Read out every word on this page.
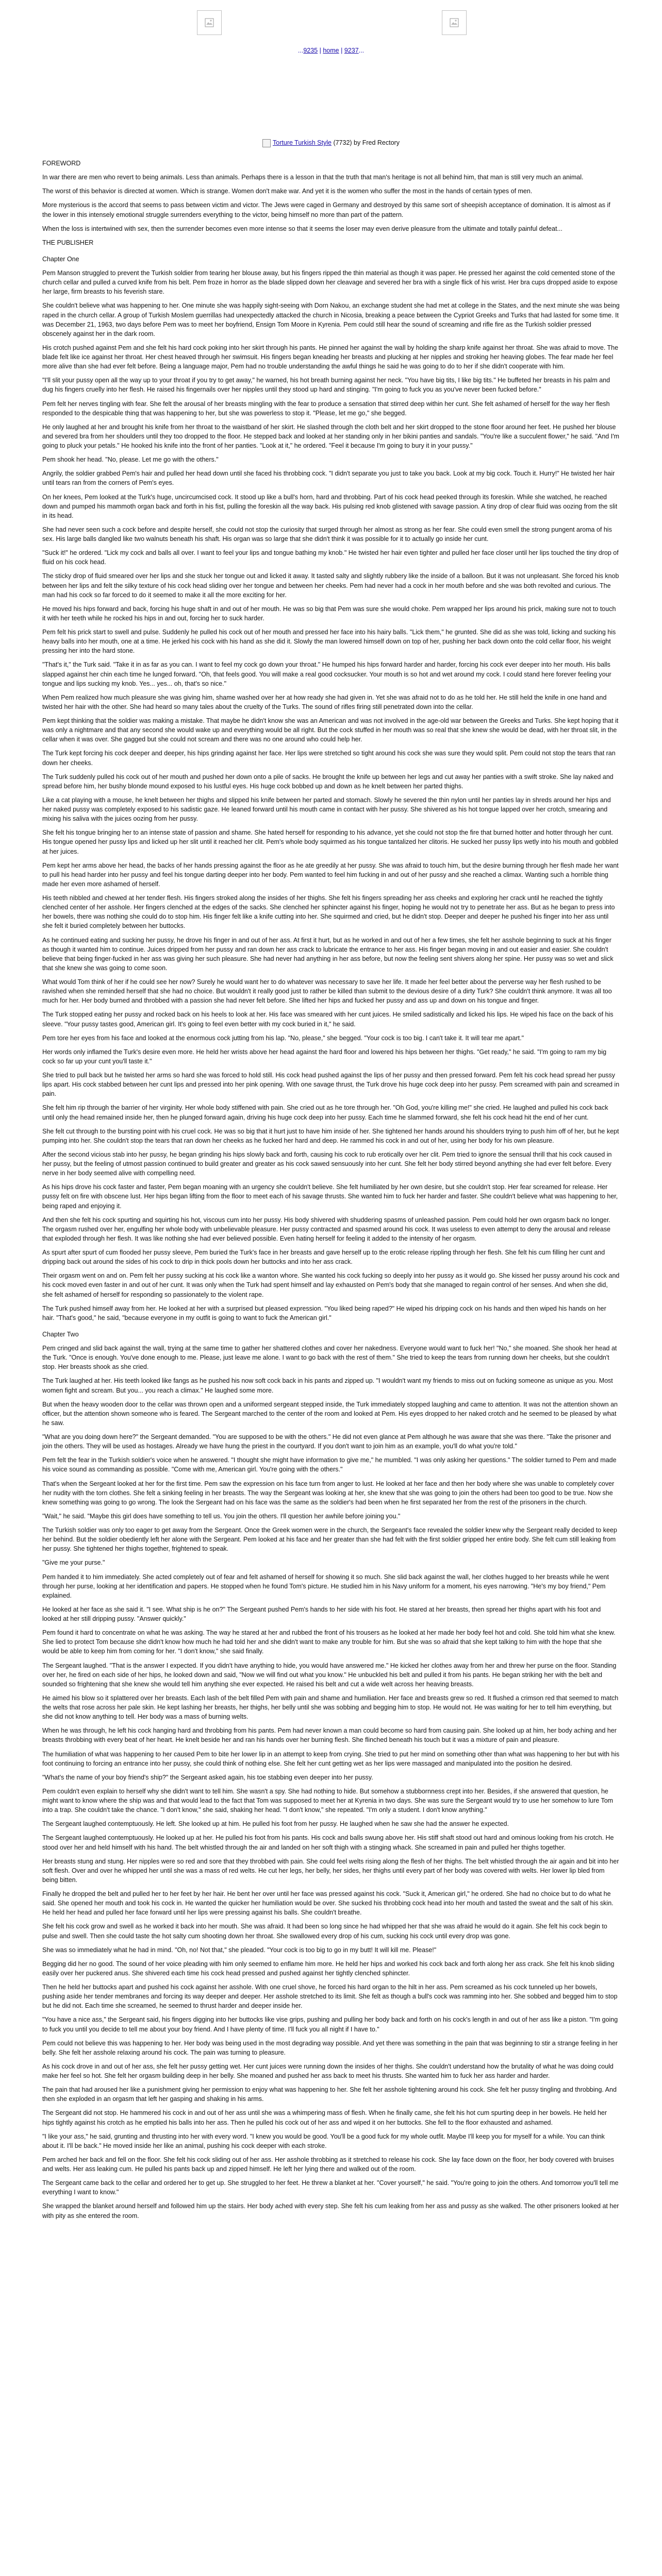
...9235 | home | 9237...
Torture Turkish Style (7732) by Fred Rectory
FOREWORD

In war there are men who revert to being animals. Less than animals. Perhaps there is a lesson in that the truth that man's heritage is not all behind him, that man is still very much an animal.

The worst of this behavior is directed at women. Which is strange. Women don't make war. And yet it is the women who suffer the most in the hands of certain types of men.

More mysterious is the accord that seems to pass between victim and victor. The Jews were caged in Germany and destroyed by this same sort of sheepish acceptance of domination. It is almost as if the lower in this intensely emotional struggle surrenders everything to the victor, being himself no more than part of the pattern.

When the loss is intertwined with sex, then the surrender becomes even more intense so that it seems the loser may even derive pleasure from the ultimate and totally painful defeat...

THE PUBLISHER
Chapter One

Pem Manson struggled to prevent the Turkish soldier from tearing her blouse away, but his fingers ripped the thin material as though it was paper. He pressed her against the cold cemented stone of the church cellar and pulled a curved knife from his belt. Pem froze in horror as the blade slipped down her cleavage and severed her bra with a single flick of his wrist. Her bra cups dropped aside to expose her large, firm breasts to his feverish stare.

She couldn't believe what was happening to her. One minute she was happily sight-seeing with Dorn Nakou, an exchange student she had met at college in the States, and the next minute she was being raped in the church cellar. A group of Turkish Moslem guerrillas had unexpectedly attacked the church in Nicosia, breaking a peace between the Cypriot Greeks and Turks that had lasted for some time. It was December 21, 1963, two days before Pem was to meet her boyfriend, Ensign Tom Moore in Kyrenia. Pem could still hear the sound of screaming and rifle fire as the Turkish soldier pressed obscenely against her in the dark room.

His crotch pushed against Pem and she felt his hard cock poking into her skirt through his pants. He pinned her against the wall by holding the sharp knife against her throat. She was afraid to move. The blade felt like ice against her throat. Her chest heaved through her swimsuit. His fingers began kneading her breasts and plucking at her nipples and stroking her heaving globes. The fear made her feel more alive than she had ever felt before. Being a language major, Pem had no trouble understanding the awful things he said he was going to do to her if she didn't cooperate with him.

"I'll slit your pussy open all the way up to your throat if you try to get away," he warned, his hot breath burning against her neck. "You have big tits, I like big tits." He buffeted her breasts in his palm and dug his fingers cruelly into her flesh. He raised his fingernails over her nipples until they stood up hard and stinging. "I'm going to fuck you as you've never been fucked before."

Pem felt her nerves tingling with fear. She felt the arousal of her breasts mingling with the fear to produce a sensation that stirred deep within her cunt. She felt ashamed of herself for the way her flesh responded to the despicable thing that was happening to her, but she was powerless to stop it. "Please, let me go," she begged.

He only laughed at her and brought his knife from her throat to the waistband of her skirt. He slashed through the cloth belt and her skirt dropped to the stone floor around her feet. He pushed her blouse and severed bra from her shoulders until they too dropped to the floor. He stepped back and looked at her standing only in her bikini panties and sandals. "You're like a succulent flower," he said. "And I'm going to pluck your petals." He hooked his knife into the front of her panties. "Look at it," he ordered. "Feel it because I'm going to bury it in your pussy."

Pem shook her head. "No, please. Let me go with the others."

Angrily, the soldier grabbed Pem's hair and pulled her head down until she faced his throbbing cock. "I didn't separate you just to take you back. Look at my big cock. Touch it. Hurry!" He twisted her hair until tears ran from the corners of Pem's eyes.

On her knees, Pem looked at the Turk's huge, uncircumcised cock. It stood up like a bull's horn, hard and throbbing. Part of his cock head peeked through its foreskin. While she watched, he reached down and pumped his mammoth organ back and forth in his fist, pulling the foreskin all the way back. His pulsing red knob glistened with savage passion. A tiny drop of clear fluid was oozing from the slit in its head.

She had never seen such a cock before and despite herself, she could not stop the curiosity that surged through her almost as strong as her fear. She could even smell the strong pungent aroma of his sex. His large balls dangled like two walnuts beneath his shaft. His organ was so large that she didn't think it was possible for it to actually go inside her cunt.

"Suck it!" he ordered. "Lick my cock and balls all over. I want to feel your lips and tongue bathing my knob." He twisted her hair even tighter and pulled her face closer until her lips touched the tiny drop of fluid on his cock head.

The sticky drop of fluid smeared over her lips and she stuck her tongue out and licked it away. It tasted salty and slightly rubbery like the inside of a balloon. But it was not unpleasant. She forced his knob between her lips and felt the silky texture of his cock head sliding over her tongue and between her cheeks. Pem had never had a cock in her mouth before and she was both revolted and curious. The man had his cock so far forced to do it seemed to make it all the more exciting for her.

He moved his hips forward and back, forcing his huge shaft in and out of her mouth. He was so big that Pem was sure she would choke. Pem wrapped her lips around his prick, making sure not to touch it with her teeth while he rocked his hips in and out, forcing her to suck harder.

Pem felt his prick start to swell and pulse. Suddenly he pulled his cock out of her mouth and pressed her face into his hairy balls. "Lick them," he grunted. She did as she was told, licking and sucking his heavy balls into her mouth, one at a time. He jerked his cock with his hand as she did it. Slowly the man lowered himself down on top of her, pushing her back down onto the cold cellar floor, his weight pressing her into the hard stone.

"That's it," the Turk said. "Take it in as far as you can. I want to feel my cock go down your throat." He humped his hips forward harder and harder, forcing his cock ever deeper into her mouth. His balls slapped against her chin each time he lunged forward. "Oh, that feels good. You will make a real good cocksucker. Your mouth is so hot and wet around my cock. I could stand here forever feeling your tongue and lips sucking my knob. Yes... yes... oh, that's so nice."

When Pem realized how much pleasure she was giving him, shame washed over her at how ready she had given in. Yet she was afraid not to do as he told her. He still held the knife in one hand and twisted her hair with the other. She had heard so many tales about the cruelty of the Turks. The sound of rifles firing still penetrated down into the cellar.

Pem kept thinking that the soldier was making a mistake. That maybe he didn't know she was an American and was not involved in the age-old war between the Greeks and Turks. She kept hoping that it was only a nightmare and that any second she would wake up and everything would be all right. But the cock stuffed in her mouth was so real that she knew she would be dead, with her throat slit, in the cellar when it was over. She gagged but she could not scream and there was no one around who could help her.

The Turk kept forcing his cock deeper and deeper, his hips grinding against her face. Her lips were stretched so tight around his cock she was sure they would split. Pem could not stop the tears that ran down her cheeks.

The Turk suddenly pulled his cock out of her mouth and pushed her down onto a pile of sacks. He brought the knife up between her legs and cut away her panties with a swift stroke. She lay naked and spread before him, her bushy blonde mound exposed to his lustful eyes. His huge cock bobbed up and down as he knelt between her parted thighs.

Like a cat playing with a mouse, he knelt between her thighs and slipped his knife between her parted and stomach. Slowly he severed the thin nylon until her panties lay in shreds around her hips and her naked pussy was completely exposed to his sadistic gaze. He leaned forward until his mouth came in contact with her pussy. She shivered as his hot tongue lapped over her crotch, smearing and mixing his saliva with the juices oozing from her pussy.

She felt his tongue bringing her to an intense state of passion and shame. She hated herself for responding to his advance, yet she could not stop the fire that burned hotter and hotter through her cunt. His tongue opened her pussy lips and licked up her slit until it reached her clit. Pem's whole body squirmed as his tongue tantalized her clitoris. He sucked her pussy lips wetly into his mouth and gobbled at her juices.

Pem kept her arms above her head, the backs of her hands pressing against the floor as he ate greedily at her pussy. She was afraid to touch him, but the desire burning through her flesh made her want to pull his head harder into her pussy and feel his tongue darting deeper into her body. Pem wanted to feel him fucking in and out of her pussy and she reached a climax. Wanting such a horrible thing made her even more ashamed of herself.

His teeth nibbled and chewed at her tender flesh. His fingers stroked along the insides of her thighs. She felt his fingers spreading her ass cheeks and exploring her crack until he reached the tightly clenched center of her asshole. Her fingers clenched at the edges of the sacks. She clenched her sphincter against his finger, hoping he would not try to penetrate her ass. But as he began to press into her bowels, there was nothing she could do to stop him. His finger felt like a knife cutting into her. She squirmed and cried, but he didn't stop. Deeper and deeper he pushed his finger into her ass until she felt it buried completely between her buttocks.

As he continued eating and sucking her pussy, he drove his finger in and out of her ass. At first it hurt, but as he worked in and out of her a few times, she felt her asshole beginning to suck at his finger as though it wanted him to continue. Juices dripped from her pussy and ran down her ass crack to lubricate the entrance to her ass. His finger began moving in and out easier and easier. She couldn't believe that being finger-fucked in her ass was giving her such pleasure. She had never had anything in her ass before, but now the feeling sent shivers along her spine. Her pussy was so wet and slick that she knew she was going to come soon.

What would Tom think of her if he could see her now? Surely he would want her to do whatever was necessary to save her life. It made her feel better about the perverse way her flesh rushed to be ravished when she reminded herself that she had no choice. But wouldn't it really good just to rather be killed than submit to the devious desire of a dirty Turk? She couldn't think anymore. It was all too much for her. Her body burned and throbbed with a passion she had never felt before. She lifted her hips and fucked her pussy and ass up and down on his tongue and finger.

The Turk stopped eating her pussy and rocked back on his heels to look at her. His face was smeared with her cunt juices. He smiled sadistically and licked his lips. He wiped his face on the back of his sleeve. "Your pussy tastes good, American girl. It's going to feel even better with my cock buried in it," he said.

Pem tore her eyes from his face and looked at the enormous cock jutting from his lap. "No, please," she begged. "Your cock is too big. I can't take it. It will tear me apart."

Her words only inflamed the Turk's desire even more. He held her wrists above her head against the hard floor and lowered his hips between her thighs. "Get ready," he said. "I'm going to ram my big cock so far up your cunt you'll taste it."

She tried to pull back but he twisted her arms so hard she was forced to hold still. His cock head pushed against the lips of her pussy and then pressed forward. Pem felt his cock head spread her pussy lips apart. His cock stabbed between her cunt lips and pressed into her pink opening. With one savage thrust, the Turk drove his huge cock deep into her pussy. Pem screamed with pain and screamed in pain.

She felt him rip through the barrier of her virginity. Her whole body stiffened with pain. She cried out as he tore through her. "Oh God, you're killing me!" she cried. He laughed and pulled his cock back until only the head remained inside her, then he plunged forward again, driving his huge cock deep into her pussy. Each time he slammed forward, she felt his cock head hit the end of her cunt.

She felt cut through to the bursting point with his cruel cock. He was so big that it hurt just to have him inside of her. She tightened her hands around his shoulders trying to push him off of her, but he kept pumping into her. She couldn't stop the tears that ran down her cheeks as he fucked her hard and deep. He rammed his cock in and out of her, using her body for his own pleasure.

After the second vicious stab into her pussy, he began grinding his hips slowly back and forth, causing his cock to rub erotically over her clit. Pem tried to ignore the sensual thrill that his cock caused in her pussy, but the feeling of utmost passion continued to build greater and greater as his cock sawed sensuously into her cunt. She felt her body stirred beyond anything she had ever felt before. Every nerve in her body seemed alive with compelling need.

As his hips drove his cock faster and faster, Pem began moaning with an urgency she couldn't believe. She felt humiliated by her own desire, but she couldn't stop. Her fear screamed for release. Her pussy felt on fire with obscene lust. Her hips began lifting from the floor to meet each of his savage thrusts. She wanted him to fuck her harder and faster. She couldn't believe what was happening to her, being raped and enjoying it.

And then she felt his cock spurting and squirting his hot, viscous cum into her pussy. His body shivered with shuddering spasms of unleashed passion. Pem could hold her own orgasm back no longer. The orgasm rushed over her, engulfing her whole body with unbelievable pleasure. Her pussy contracted and spasmed around his cock. It was useless to even attempt to deny the arousal and release that exploded through her flesh. It was like nothing she had ever believed possible. Even hating herself for feeling it added to the intensity of her orgasm.

As spurt after spurt of cum flooded her pussy sleeve, Pem buried the Turk's face in her breasts and gave herself up to the erotic release rippling through her flesh. She felt his cum filling her cunt and dripping back out around the sides of his cock to drip in thick pools down her buttocks and into her ass crack.

Their orgasm went on and on. Pem felt her pussy sucking at his cock like a wanton whore. She wanted his cock fucking so deeply into her pussy as it would go. She kissed her pussy around his cock and his cock moved even faster in and out of her cunt. It was only when the Turk had spent himself and lay exhausted on Pem's body that she managed to regain control of her senses. And when she did, she felt ashamed of herself for responding so passionately to the violent rape.

The Turk pushed himself away from her. He looked at her with a surprised but pleased expression. "You liked being raped?" He wiped his dripping cock on his hands and then wiped his hands on her hair. "That's good," he said, "because everyone in my outfit is going to want to fuck the American girl."

Chapter Two

Pem cringed and slid back against the wall, trying at the same time to gather her shattered clothes and cover her nakedness. Everyone would want to fuck her! "No," she moaned. She shook her head at the Turk. "Once is enough. You've done enough to me. Please, just leave me alone. I want to go back with the rest of them." She tried to keep the tears from running down her cheeks, but she couldn't stop. Her breasts shook as she cried.

The Turk laughed at her. His teeth looked like fangs as he pushed his now soft cock back in his pants and zipped up. "I wouldn't want my friends to miss out on fucking someone as unique as you. Most women fight and scream. But you... you reach a climax." He laughed some more.

But when the heavy wooden door to the cellar was thrown open and a uniformed sergeant stepped inside, the Turk immediately stopped laughing and came to attention. It was not the attention shown an officer, but the attention shown someone who is feared. The Sergeant marched to the center of the room and looked at Pem. His eyes dropped to her naked crotch and he seemed to be pleased by what he saw.

"What are you doing down here?" the Sergeant demanded. "You are supposed to be with the others." He did not even glance at Pem although he was aware that she was there. "Take the prisoner and join the others. They will be used as hostages. Already we have hung the priest in the courtyard. If you don't want to join him as an example, you'll do what you're told."

Pem felt the fear in the Turkish soldier's voice when he answered. "I thought she might have information to give me," he mumbled. "I was only asking her questions." The soldier turned to Pem and made his voice sound as commanding as possible. "Come with me, American girl. You're going with the others."

That's when the Sergeant looked at her for the first time. Pem saw the expression on his face turn from anger to lust. He looked at her face and then her body where she was unable to completely cover her nudity with the torn clothes. She felt a sinking feeling in her breasts. The way the Sergeant was looking at her, she knew that she was going to join the others had been too good to be true. Now she knew something was going to go wrong. The look the Sergeant had on his face was the same as the soldier's had been when he first separated her from the rest of the prisoners in the church.

"Wait," he said. "Maybe this girl does have something to tell us. You join the others. I'll question her awhile before joining you."

The Turkish soldier was only too eager to get away from the Sergeant. Once the Greek women were in the church, the Sergeant's face revealed the soldier knew why the Sergeant really decided to keep her behind. But the soldier obediently left her alone with the Sergeant. Pem looked at his face and her greater than she had felt with the first soldier gripped her entire body. She felt cum still leaking from her pussy. She tightened her thighs together, frightened to speak.

"Give me your purse."

Pem handed it to him immediately. She acted completely out of fear and felt ashamed of herself for showing it so much. She slid back against the wall, her clothes hugged to her breasts while he went through her purse, looking at her identification and papers. He stopped when he found Tom's picture. He studied him in his Navy uniform for a moment, his eyes narrowing. "He's my boy friend," Pem explained.

He looked at her face as she said it. "I see. What ship is he on?" The Sergeant pushed Pem's hands to her side with his foot. He stared at her breasts, then spread her thighs apart with his foot and looked at her still dripping pussy. "Answer quickly."

Pem found it hard to concentrate on what he was asking. The way he stared at her and rubbed the front of his trousers as he looked at her made her body feel hot and cold. She told him what she knew. She lied to protect Tom because she didn't know how much he had told her and she didn't want to make any trouble for him. But she was so afraid that she kept talking to him with the hope that she would be able to keep him from coming for her. "I don't know," she said finally.

The Sergeant laughed. "That is the answer I expected. If you didn't have anything to hide, you would have answered me." He kicked her clothes away from her and threw her purse on the floor. Standing over her, he fired on each side of her hips, he looked down and said, "Now we will find out what you know." He unbuckled his belt and pulled it from his pants. He began striking her with the belt and sounded so frightening that she knew she would tell him anything she ever expected. He raised his belt and cut a wide welt across her heaving breasts.

He aimed his blow so it splattered over her breasts. Each lash of the belt filled Pem with pain and shame and humiliation. Her face and breasts grew so red. It flushed a crimson red that seemed to match the welts that rose across her pale skin. He kept lashing her breasts, her thighs, her belly until she was sobbing and begging him to stop. He would not. He was waiting for her to tell him everything, but she did not know anything to tell. Her body was a mass of burning welts.

When he was through, he left his cock hanging hard and throbbing from his pants. Pem had never known a man could become so hard from causing pain. She looked up at him, her body aching and her breasts throbbing with every beat of her heart. He knelt beside her and ran his hands over her burning flesh. She flinched beneath his touch but it was a mixture of pain and pleasure.

The humiliation of what was happening to her caused Pem to bite her lower lip in an attempt to keep from crying. She tried to put her mind on something other than what was happening to her but with his foot continuing to forcing an entrance into her pussy, she could think of nothing else. She felt her cunt getting wet as her lips were massaged and manipulated into the position he desired.

"What's the name of your boy friend's ship?" the Sergeant asked again, his toe stabbing even deeper into her pussy.

Pem couldn't even explain to herself why she didn't want to tell him. She wasn't a spy. She had nothing to hide. But somehow a stubbornness crept into her. Besides, if she answered that question, he might want to know where the ship was and that would lead to the fact that Tom was supposed to meet her at Kyrenia in two days. She was sure the Sergeant would try to use her somehow to lure Tom into a trap. She couldn't take the chance. "I don't know," she said, shaking her head. "I don't know," she repeated. "I'm only a student. I don't know anything."

The Sergeant laughed contemptuously. He left. She looked up at him. He pulled his foot from her pussy. He laughed when he saw she had the answer he expected.

The Sergeant laughed contemptuously. He looked up at her. He pulled his foot from his pants. His cock and balls swung above her. His stiff shaft stood out hard and ominous looking from his crotch. He stood over her and held himself with his hand. The belt whistled through the air and landed on her soft thigh with a stinging whack. She screamed in pain and pulled her thighs together.

Her breasts stung and stung. Her nipples were so red and sore that they throbbed with pain. She could feel welts rising along the flesh of her thighs. The belt whistled through the air again and bit into her soft flesh. Over and over he whipped her until she was a mass of red welts. He cut her legs, her belly, her sides, her thighs until every part of her body was covered with welts. Her lower lip bled from being bitten.

Finally he dropped the belt and pulled her to her feet by her hair. He bent her over until her face was pressed against his cock. "Suck it, American girl," he ordered. She had no choice but to do what he said. She opened her mouth and took his cock in. He wanted the quicker her humiliation would be over. She sucked his throbbing cock head into her mouth and tasted the sweat and the salt of his skin. He held her head and pulled her face forward until her lips were pressing against his balls. She couldn't breathe.

She felt his cock grow and swell as he worked it back into her mouth. She was afraid. It had been so long since he had whipped her that she was afraid he would do it again. She felt his cock begin to pulse and swell. Then she could taste the hot salty cum shooting down her throat. She swallowed every drop of his cum, sucking his cock until every drop was gone.

She was so immediately what he had in mind. "Oh, no! Not that," she pleaded. "Your cock is too big to go in my butt! It will kill me. Please!"

Begging did her no good. The sound of her voice pleading with him only seemed to enflame him more. He held her hips and worked his cock back and forth along her ass crack. She felt his knob sliding easily over her puckered anus. She shivered each time his cock head pressed and pushed against her tightly clenched sphincter.

Then he held her buttocks apart and pushed his cock against her asshole. With one cruel shove, he forced his hard organ to the hilt in her ass. Pem screamed as his cock tunneled up her bowels, pushing aside her tender membranes and forcing its way deeper and deeper. Her asshole stretched to its limit. She felt as though a bull's cock was ramming into her. She sobbed and begged him to stop but he did not. Each time she screamed, he seemed to thrust harder and deeper inside her.

"You have a nice ass," the Sergeant said, his fingers digging into her buttocks like vise grips, pushing and pulling her body back and forth on his cock's length in and out of her ass like a piston. "I'm going to fuck you until you decide to tell me about your boy friend. And I have plenty of time. I'll fuck you all night if I have to."

Pem could not believe this was happening to her. Her body was being used in the most degrading way possible. And yet there was something in the pain that was beginning to stir a strange feeling in her belly. She felt her asshole relaxing around his cock. The pain was turning to pleasure.

As his cock drove in and out of her ass, she felt her pussy getting wet. Her cunt juices were running down the insides of her thighs. She couldn't understand how the brutality of what he was doing could make her feel so hot. She felt her orgasm building deep in her belly. She moaned and pushed her ass back to meet his thrusts. She wanted him to fuck her ass harder and harder.

The pain that had aroused her like a punishment giving her permission to enjoy what was happening to her. She felt her asshole tightening around his cock. She felt her pussy tingling and throbbing. And then she exploded in an orgasm that left her gasping and shaking in his arms.

The Sergeant did not stop. He hammered his cock in and out of her ass until she was a whimpering mass of flesh. When he finally came, she felt his hot cum spurting deep in her bowels. He held her hips tightly against his crotch as he emptied his balls into her ass. Then he pulled his cock out of her ass and wiped it on her buttocks. She fell to the floor exhausted and ashamed.

"I like your ass," he said, grunting and thrusting into her with every word. "I knew you would be good. You'll be a good fuck for my whole outfit. Maybe I'll keep you for myself for a while. You can think about it. I'll be back." He moved inside her like an animal, pushing his cock deeper with each stroke.

Pem arched her back and fell on the floor. She felt his cock sliding out of her ass. Her asshole throbbing as it stretched to release his cock. She lay face down on the floor, her body covered with bruises and welts. Her ass leaking cum. He pulled his pants back up and zipped himself. He left her lying there and walked out of the room.

The Sergeant came back to the cellar and ordered her to get up. She struggled to her feet. He threw a blanket at her. "Cover yourself," he said. "You're going to join the others. And tomorrow you'll tell me everything I want to know."

She wrapped the blanket around herself and followed him up the stairs. Her body ached with every step. She felt his cum leaking from her ass and pussy as she walked. The other prisoners looked at her with pity as she entered the room.
